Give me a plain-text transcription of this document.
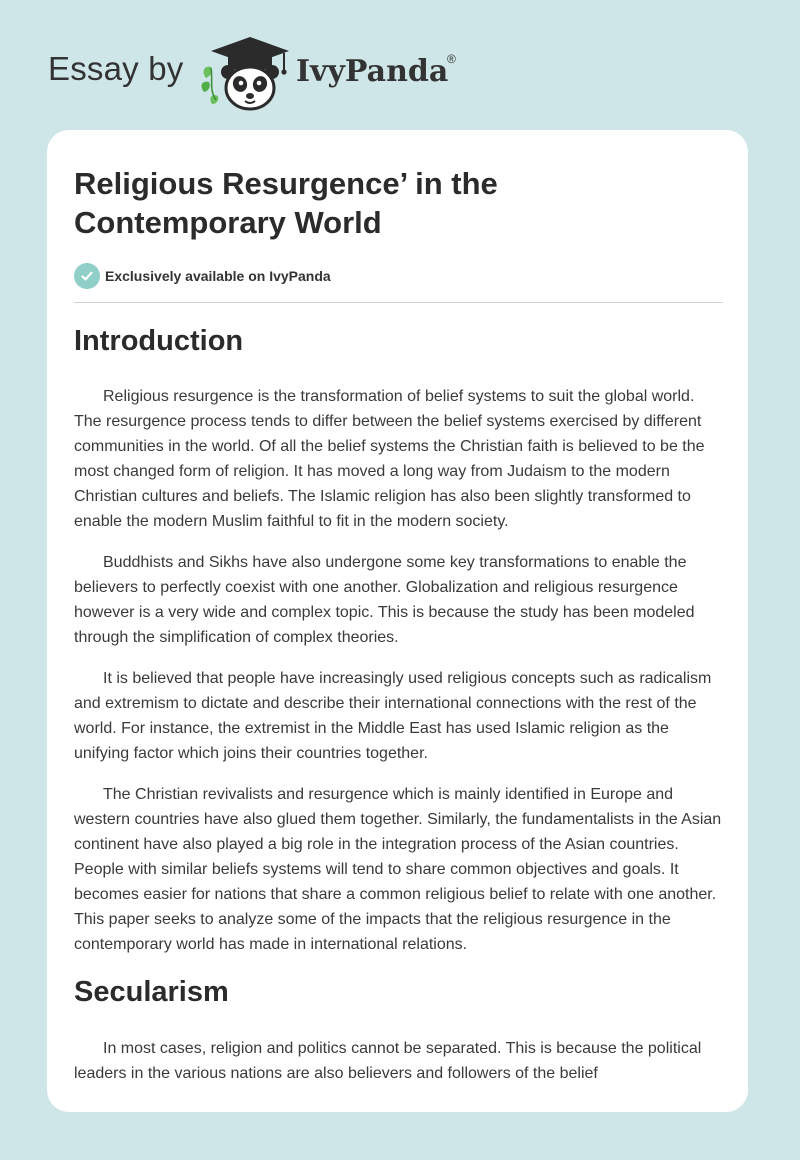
Essay by	IvyPanda
®
Religious Resurgence’ in the Contemporary World
Exclusively available on IvyPanda
Introduction

Religious resurgence is the transformation of belief systems to suit the global world. The resurgence process tends to differ between the belief systems exercised by different communities in the world. Of all the belief systems the Christian faith is believed to be the most changed form of religion. It has moved a long way from Judaism to the modern Christian cultures and beliefs. The Islamic religion has also been slightly transformed to enable the modern Muslim faithful to fit in the modern society.

Buddhists and Sikhs have also undergone some key transformations to enable the believers to perfectly coexist with one another. Globalization and religious resurgence however is a very wide and complex topic. This is because the study has been modeled through the simplification of complex theories.

It is believed that people have increasingly used religious concepts such as radicalism and extremism to dictate and describe their international connections with the rest of the world. For instance, the extremist in the Middle East has used Islamic religion as the unifying factor which joins their countries together.

The Christian revivalists and resurgence which is mainly identified in Europe and western countries have also glued them together. Similarly, the fundamentalists in the Asian continent have also played a big role in the integration process of the Asian countries. People with similar beliefs systems will tend to share common objectives and goals. It becomes easier for nations that share a common religious belief to relate with one another. This paper seeks to analyze some of the impacts that the religious resurgence in the contemporary world has made in international relations.

Secularism

In most cases, religion and politics cannot be separated. This is because the political leaders in the various nations are also believers and followers of the belief
